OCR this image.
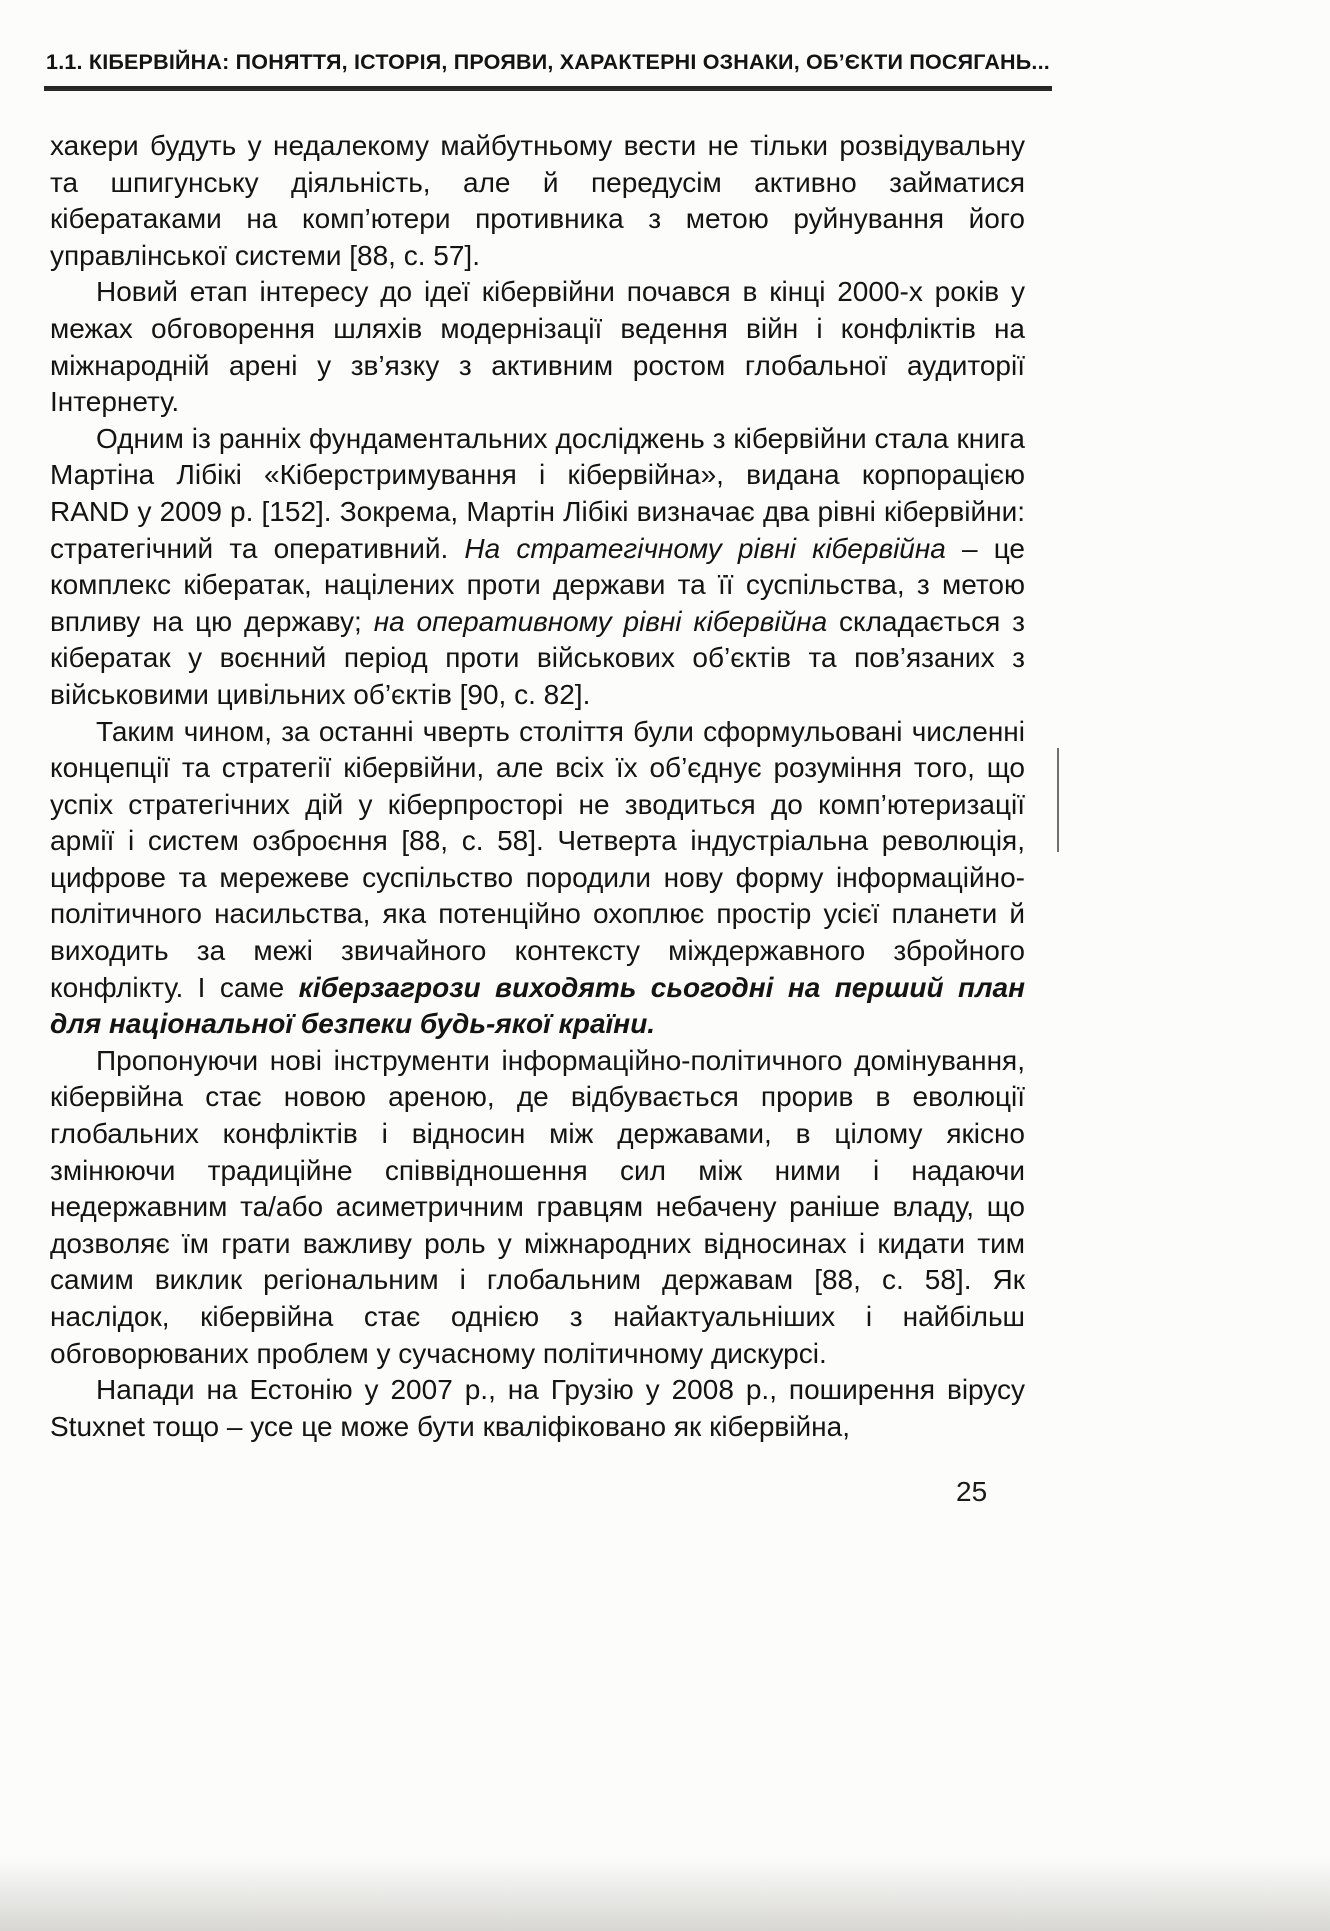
1.1. КІБЕРВІЙНА: ПОНЯТТЯ, ІСТОРІЯ, ПРОЯВИ, ХАРАКТЕРНІ ОЗНАКИ, ОБ’ЄКТИ ПОСЯГАНЬ...

хакери будуть у недалекому майбутньому вести не тільки розвідувальну та шпигунську діяльність, але й передусім активно займатися кібератаками на комп’ютери противника з метою руйнування його управлінської системи [88, с. 57].

Новий етап інтересу до ідеї кібервійни почався в кінці 2000-х років у межах обговорення шляхів модернізації ведення війн і конфліктів на міжнародній арені у зв’язку з активним ростом глобальної аудиторії Інтернету.

Одним із ранніх фундаментальних досліджень з кібервійни стала книга Мартіна Лібікі «Кіберстримування і кібервійна», видана корпорацією RAND у 2009 р. [152]. Зокрема, Мартін Лібікі визначає два рівні кібервійни: стратегічний та оперативний. На стратегічному рівні кібервійна – це комплекс кібератак, націлених проти держави та її суспільства, з метою впливу на цю державу; на оперативному рівні кібервійна складається з кібератак у воєнний період проти військових об’єктів та пов’язаних з військовими цивільних об’єктів [90, с. 82].

Таким чином, за останні чверть століття були сформульовані численні концепції та стратегії кібервійни, але всіх їх об’єднує розуміння того, що успіх стратегічних дій у кіберпросторі не зводиться до комп’ютеризації армії і систем озброєння [88, с. 58]. Четверта індустріальна революція, цифрове та мережеве суспільство породили нову форму інформаційно-політичного насильства, яка потенційно охоплює простір усієї планети й виходить за межі звичайного контексту міждержавного збройного конфлікту. І саме кіберзагрози виходять сьогодні на перший план для національної безпеки будь-якої країни.

Пропонуючи нові інструменти інформаційно-політичного домінування, кібервійна стає новою ареною, де відбувається прорив в еволюції глобальних конфліктів і відносин між державами, в цілому якісно змінюючи традиційне співвідношення сил між ними і надаючи недержавним та/або асиметричним гравцям небачену раніше владу, що дозволяє їм грати важливу роль у міжнародних відносинах і кидати тим самим виклик регіональним і глобальним державам [88, с. 58]. Як наслідок, кібервійна стає однією з найактуальніших і найбільш обговорюваних проблем у сучасному політичному дискурсі.

Напади на Естонію у 2007 р., на Грузію у 2008 р., поширення вірусу Stuxnet тощо – усе це може бути кваліфіковано як кібервійна,

25
